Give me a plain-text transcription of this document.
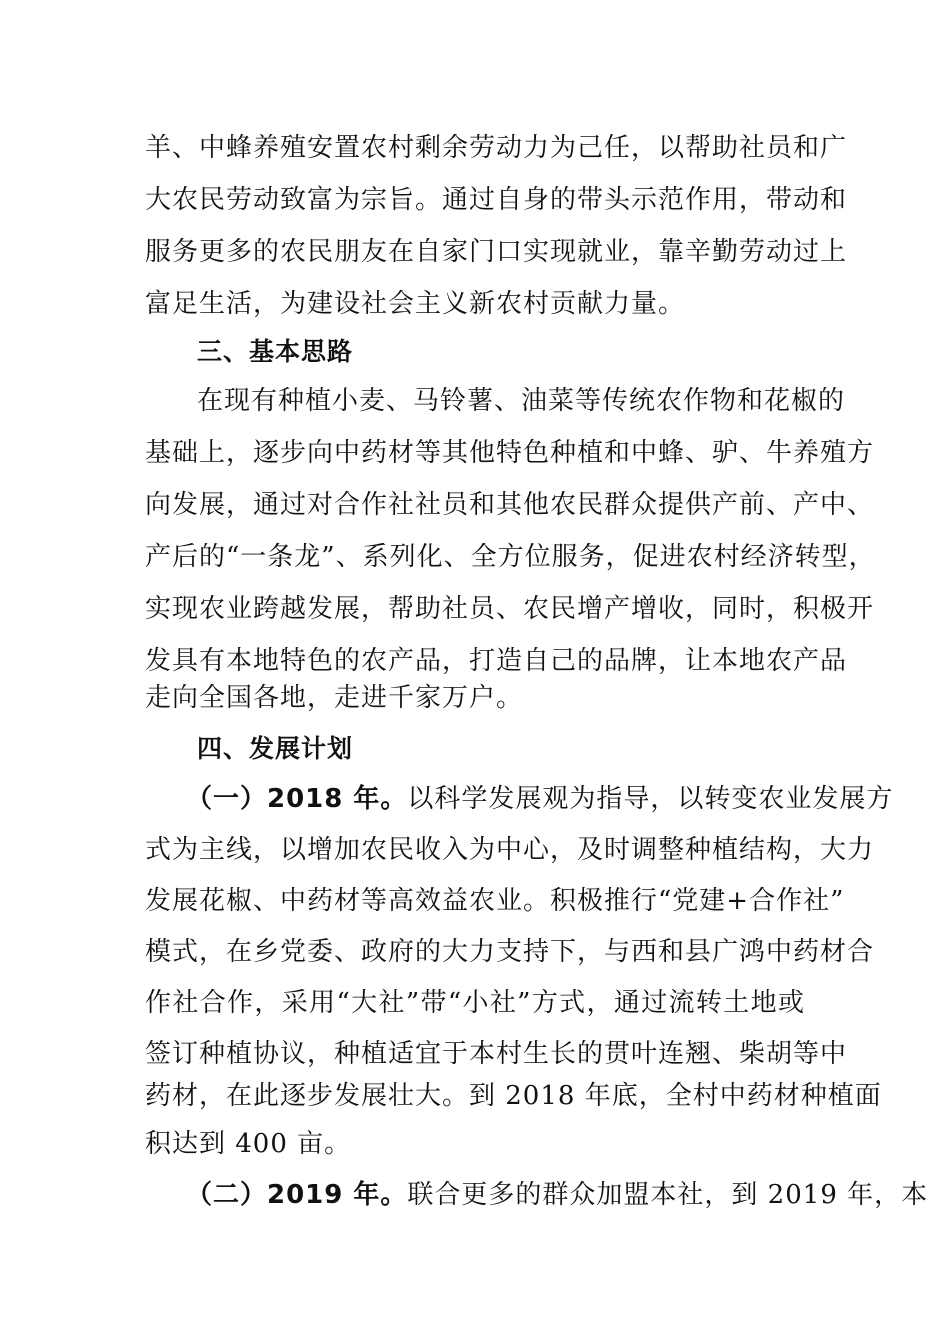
羊、中蜂养殖安置农村剩余劳动力为己任，以帮助社员和广
大农民劳动致富为宗旨。通过自身的带头示范作用，带动和
服务更多的农民朋友在自家门口实现就业，靠辛勤劳动过上
富足生活，为建设社会主义新农村贡献力量。
三、基本思路
在现有种植小麦、马铃薯、油菜等传统农作物和花椒的
基础上，逐步向中药材等其他特色种植和中蜂、驴、牛养殖方
向发展，通过对合作社社员和其他农民群众提供产前、产中、
产后的“一条龙”、系列化、全方位服务，促进农村经济转型，
实现农业跨越发展，帮助社员、农民增产增收，同时，积极开
发具有本地特色的农产品，打造自己的品牌，让本地农产品
走向全国各地，走进千家万户。
四、发展计划
（一）2018 年。以科学发展观为指导，以转变农业发展方
式为主线，以增加农民收入为中心，及时调整种植结构，大力
发展花椒、中药材等高效益农业。积极推行“党建+合作社”
模式，在乡党委、政府的大力支持下，与西和县广鸿中药材合
作社合作，采用“大社”带“小社”方式，通过流转土地或
签订种植协议，种植适宜于本村生长的贯叶连翘、柴胡等中
药材，在此逐步发展壮大。到 2018 年底，全村中药材种植面
积达到 400 亩。
（二）2019 年。联合更多的群众加盟本社，到 2019 年，本
